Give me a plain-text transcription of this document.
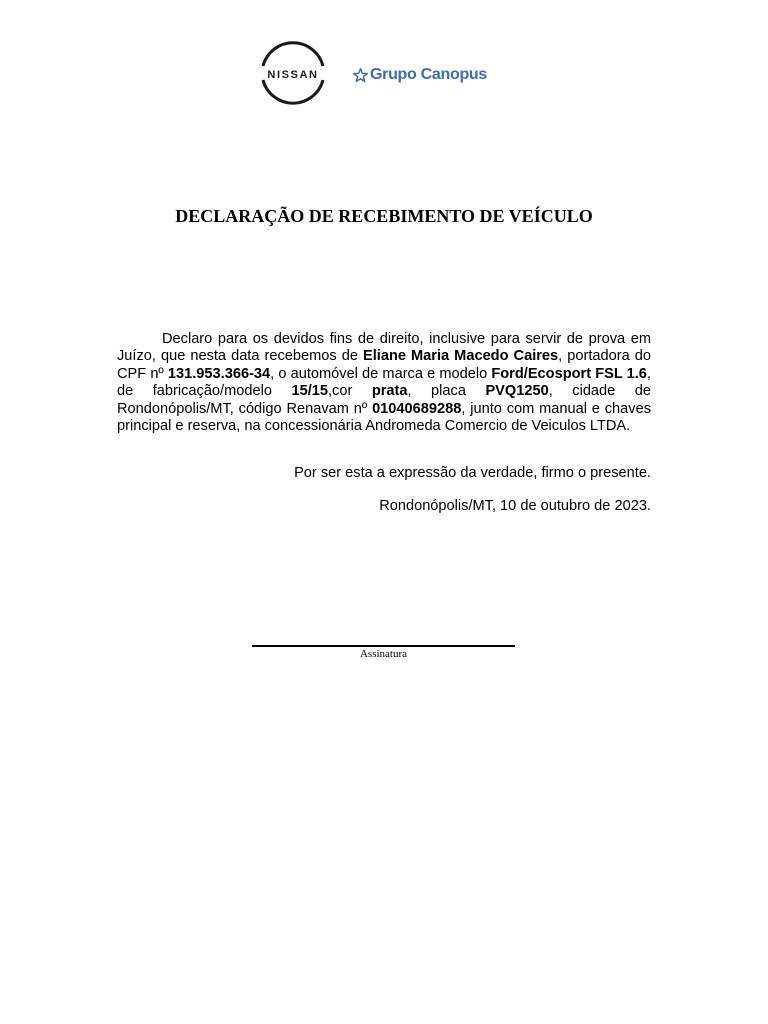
NISSAN	Grupo Canopus
DECLARAÇÃO DE RECEBIMENTO DE VEÍCULO

Declaro para os devidos fins de direito, inclusive para servir de prova em Juízo, que nesta data recebemos de Eliane Maria Macedo Caires, portadora do CPF nº 131.953.366-34, o automóvel de marca e modelo Ford/Ecosport FSL 1.6, de fabricação/modelo 15/15,cor prata, placa PVQ1250, cidade de Rondonópolis/MT, código Renavam nº 01040689288, junto com manual e chaves principal e reserva, na concessionária Andromeda Comercio de Veiculos LTDA.

Por ser esta a expressão da verdade, firmo o presente.
Rondonópolis/MT, 10 de outubro de 2023.
Assinatura
